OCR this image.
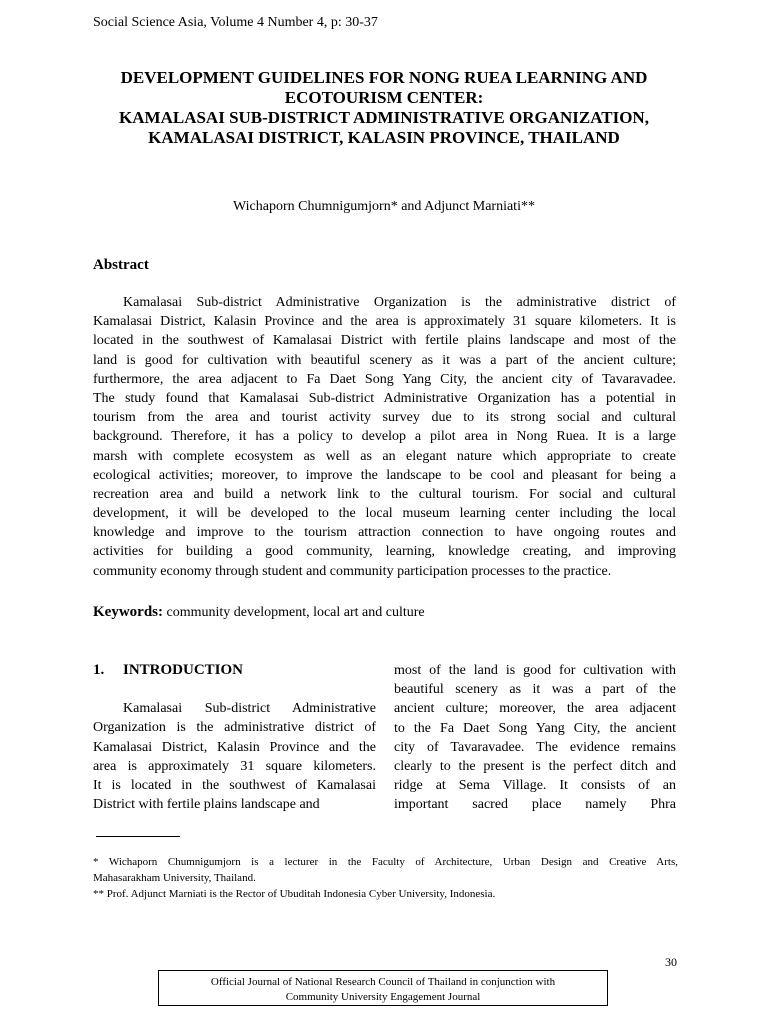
Social Science Asia, Volume 4 Number 4, p: 30-37
DEVELOPMENT GUIDELINES FOR NONG RUEA LEARNING AND
ECOTOURISM CENTER:
KAMALASAI SUB-DISTRICT ADMINISTRATIVE ORGANIZATION,
KAMALASAI DISTRICT, KALASIN PROVINCE, THAILAND
Wichaporn Chumnigumjorn* and Adjunct Marniati**
Abstract
Kamalasai Sub-district Administrative Organization is the administrative district of
Kamalasai District, Kalasin Province and the area is approximately 31 square kilometers. It is
located in the southwest of Kamalasai District with fertile plains landscape and most of the
land is good for cultivation with beautiful scenery as it was a part of the ancient culture;
furthermore, the area adjacent to Fa Daet Song Yang City, the ancient city of Tavaravadee.
The study found that Kamalasai Sub-district Administrative Organization has a potential in
tourism from the area and tourist activity survey due to its strong social and cultural
background. Therefore, it has a policy to develop a pilot area in Nong Ruea. It is a large
marsh with complete ecosystem as well as an elegant nature which appropriate to create
ecological activities; moreover, to improve the landscape to be cool and pleasant for being a
recreation area and build a network link to the cultural tourism. For social and cultural
development, it will be developed to the local museum learning center including the local
knowledge and improve to the tourism attraction connection to have ongoing routes and
activities for building a good community, learning, knowledge creating, and improving
community economy through student and community participation processes to the practice.
Keywords: community development, local art and culture
1. INTRODUCTION
Kamalasai Sub-district Administrative
Organization is the administrative district of
Kamalasai District, Kalasin Province and the
area is approximately 31 square kilometers.
It is located in the southwest of Kamalasai
District with fertile plains landscape and
most of the land is good for cultivation with
beautiful scenery as it was a part of the
ancient culture; moreover, the area adjacent
to the Fa Daet Song Yang City, the ancient
city of Tavaravadee. The evidence remains
clearly to the present is the perfect ditch and
ridge at Sema Village. It consists of an
important sacred place namely Phra
* Wichaporn Chumnigumjorn is a lecturer in the Faculty of Architecture, Urban Design and Creative Arts,
Mahasarakham University, Thailand.
** Prof. Adjunct Marniati is the Rector of Ubuditah Indonesia Cyber University, Indonesia.
30
Official Journal of National Research Council of Thailand in conjunction with
Community University Engagement Journal
